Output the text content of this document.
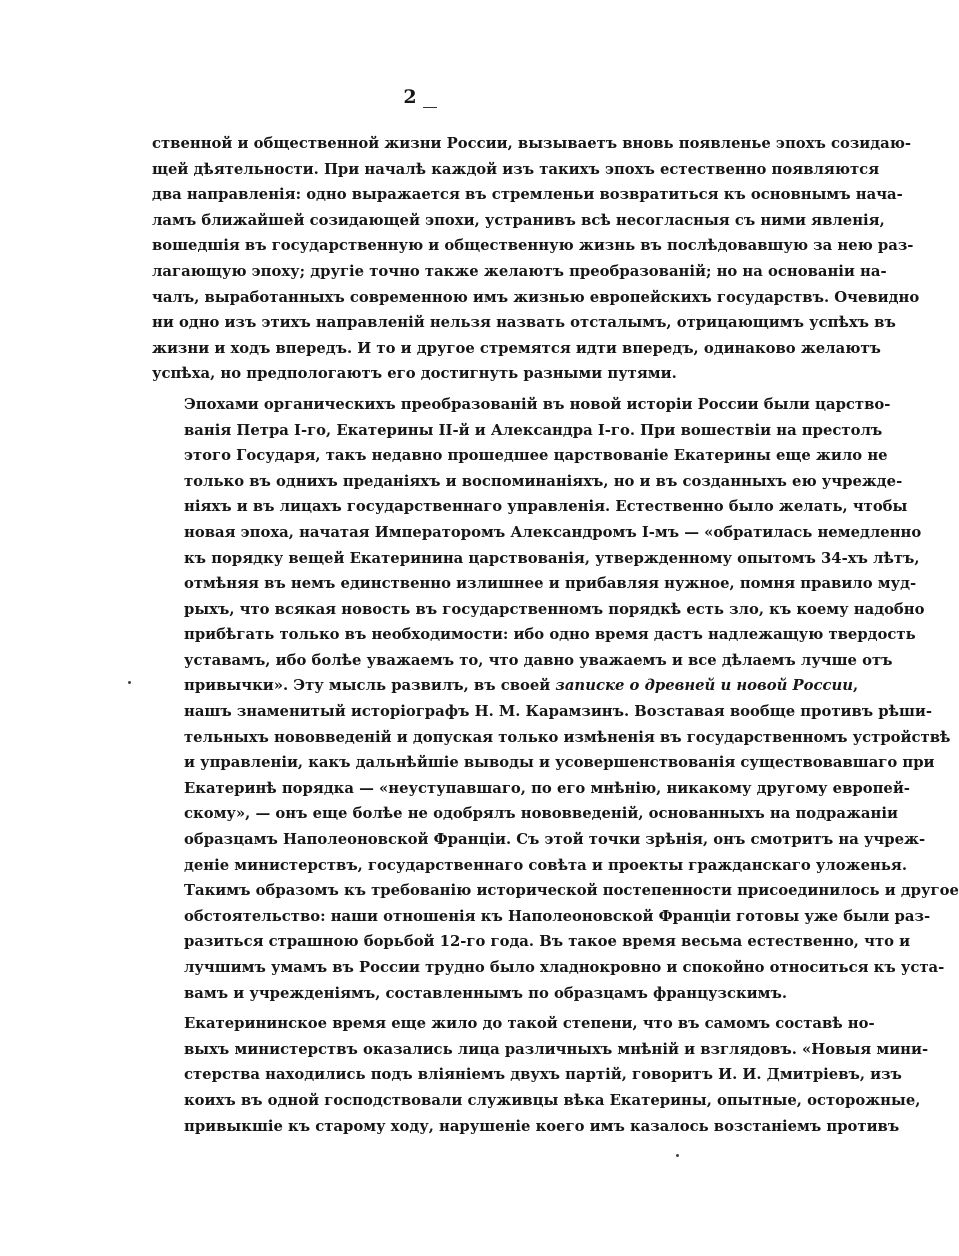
2
ственной и общественной жизни России, вызываетъ вновь появленье эпохъ созидаю-
щей дѣятельности. При началѣ каждой изъ такихъ эпохъ естественно появляются
два направленія: одно выражается въ стремленьи возвратиться къ основнымъ нача-
ламъ ближайшей созидающей эпохи, устранивъ всѣ несогласныя съ ними явленія,
вошедшія въ государственную и общественную жизнь въ послѣдовавшую за нею раз-
лагающую эпоху; другіе точно также желаютъ преобразованій; но на основаніи на-
чалъ, выработанныхъ современною имъ жизнью европейскихъ государствъ. Очевидно
ни одно изъ этихъ направленій нельзя назвать отсталымъ, отрицающимъ успѣхъ въ
жизни и ходъ впередъ. И то и другое стремятся идти впередъ, одинаково желаютъ
успѣха, но предпологаютъ его достигнуть разными путями.
Эпохами органическихъ преобразованій въ новой исторіи России были царство-
ванія Петра I-го, Екатерины II-й и Александра I-го. При вошествіи на престолъ
этого Государя, такъ недавно прошедшее царствованіе Екатерины еще жило не
только въ однихъ преданіяхъ и воспоминаніяхъ, но и въ созданныхъ ею учрежде-
ніяхъ и въ лицахъ государственнаго управленія. Естественно было желать, чтобы
новая эпоха, начатая Императоромъ Александромъ I-мъ — «обратилась немедленно
къ порядку вещей Екатеринина царствованія, утвержденному опытомъ 34-хъ лѣтъ,
отмѣняя въ немъ единственно излишнее и прибавляя нужное, помня правило муд-
рыхъ, что всякая новость въ государственномъ порядкѣ есть зло, къ коему надобно
прибѣгать только въ необходимости: ибо одно время дастъ надлежащую твердость
уставамъ, ибо болѣе уважаемъ то, что давно уважаемъ и все дѣлаемъ лучше отъ
привычки». Эту мысль развилъ, въ своей записке о древней и новой России,
нашъ знаменитый исторіографъ Н. М. Карамзинъ. Возставая вообще противъ рѣши-
тельныхъ нововведеній и допуская только измѣненія въ государственномъ устройствѣ
и управленіи, какъ дальнѣйшіе выводы и усовершенствованія существовавшаго при
Екатеринѣ порядка — «неуступавшаго, по его мнѣнію, никакому другому европей-
скому», — онъ еще болѣе не одобрялъ нововведеній, основанныхъ на подражаніи
образцамъ Наполеоновской Франціи. Съ этой точки зрѣнія, онъ смотритъ на учреж-
деніе министерствъ, государственнаго совѣта и проекты гражданскаго уложенья.
Такимъ образомъ къ требованію исторической постепенности присоединилось и другое
обстоятельство: наши отношенія къ Наполеоновской Франціи готовы уже были раз-
разиться страшною борьбой 12-го года. Въ такое время весьма естественно, что и
лучшимъ умамъ въ России трудно было хладнокровно и спокойно относиться къ уста-
вамъ и учрежденіямъ, составленнымъ по образцамъ французскимъ.
Екатерининское время еще жило до такой степени, что въ самомъ составѣ но-
выхъ министерствъ оказались лица различныхъ мнѣній и взглядовъ. «Новыя мини-
стерства находились подъ вліяніемъ двухъ партій, говоритъ И. И. Дмитріевъ, изъ
коихъ въ одной господствовали служивцы вѣка Екатерины, опытные, осторожные,
привыкшіе къ старому ходу, нарушеніе коего имъ казалось возстаніемъ противъ
